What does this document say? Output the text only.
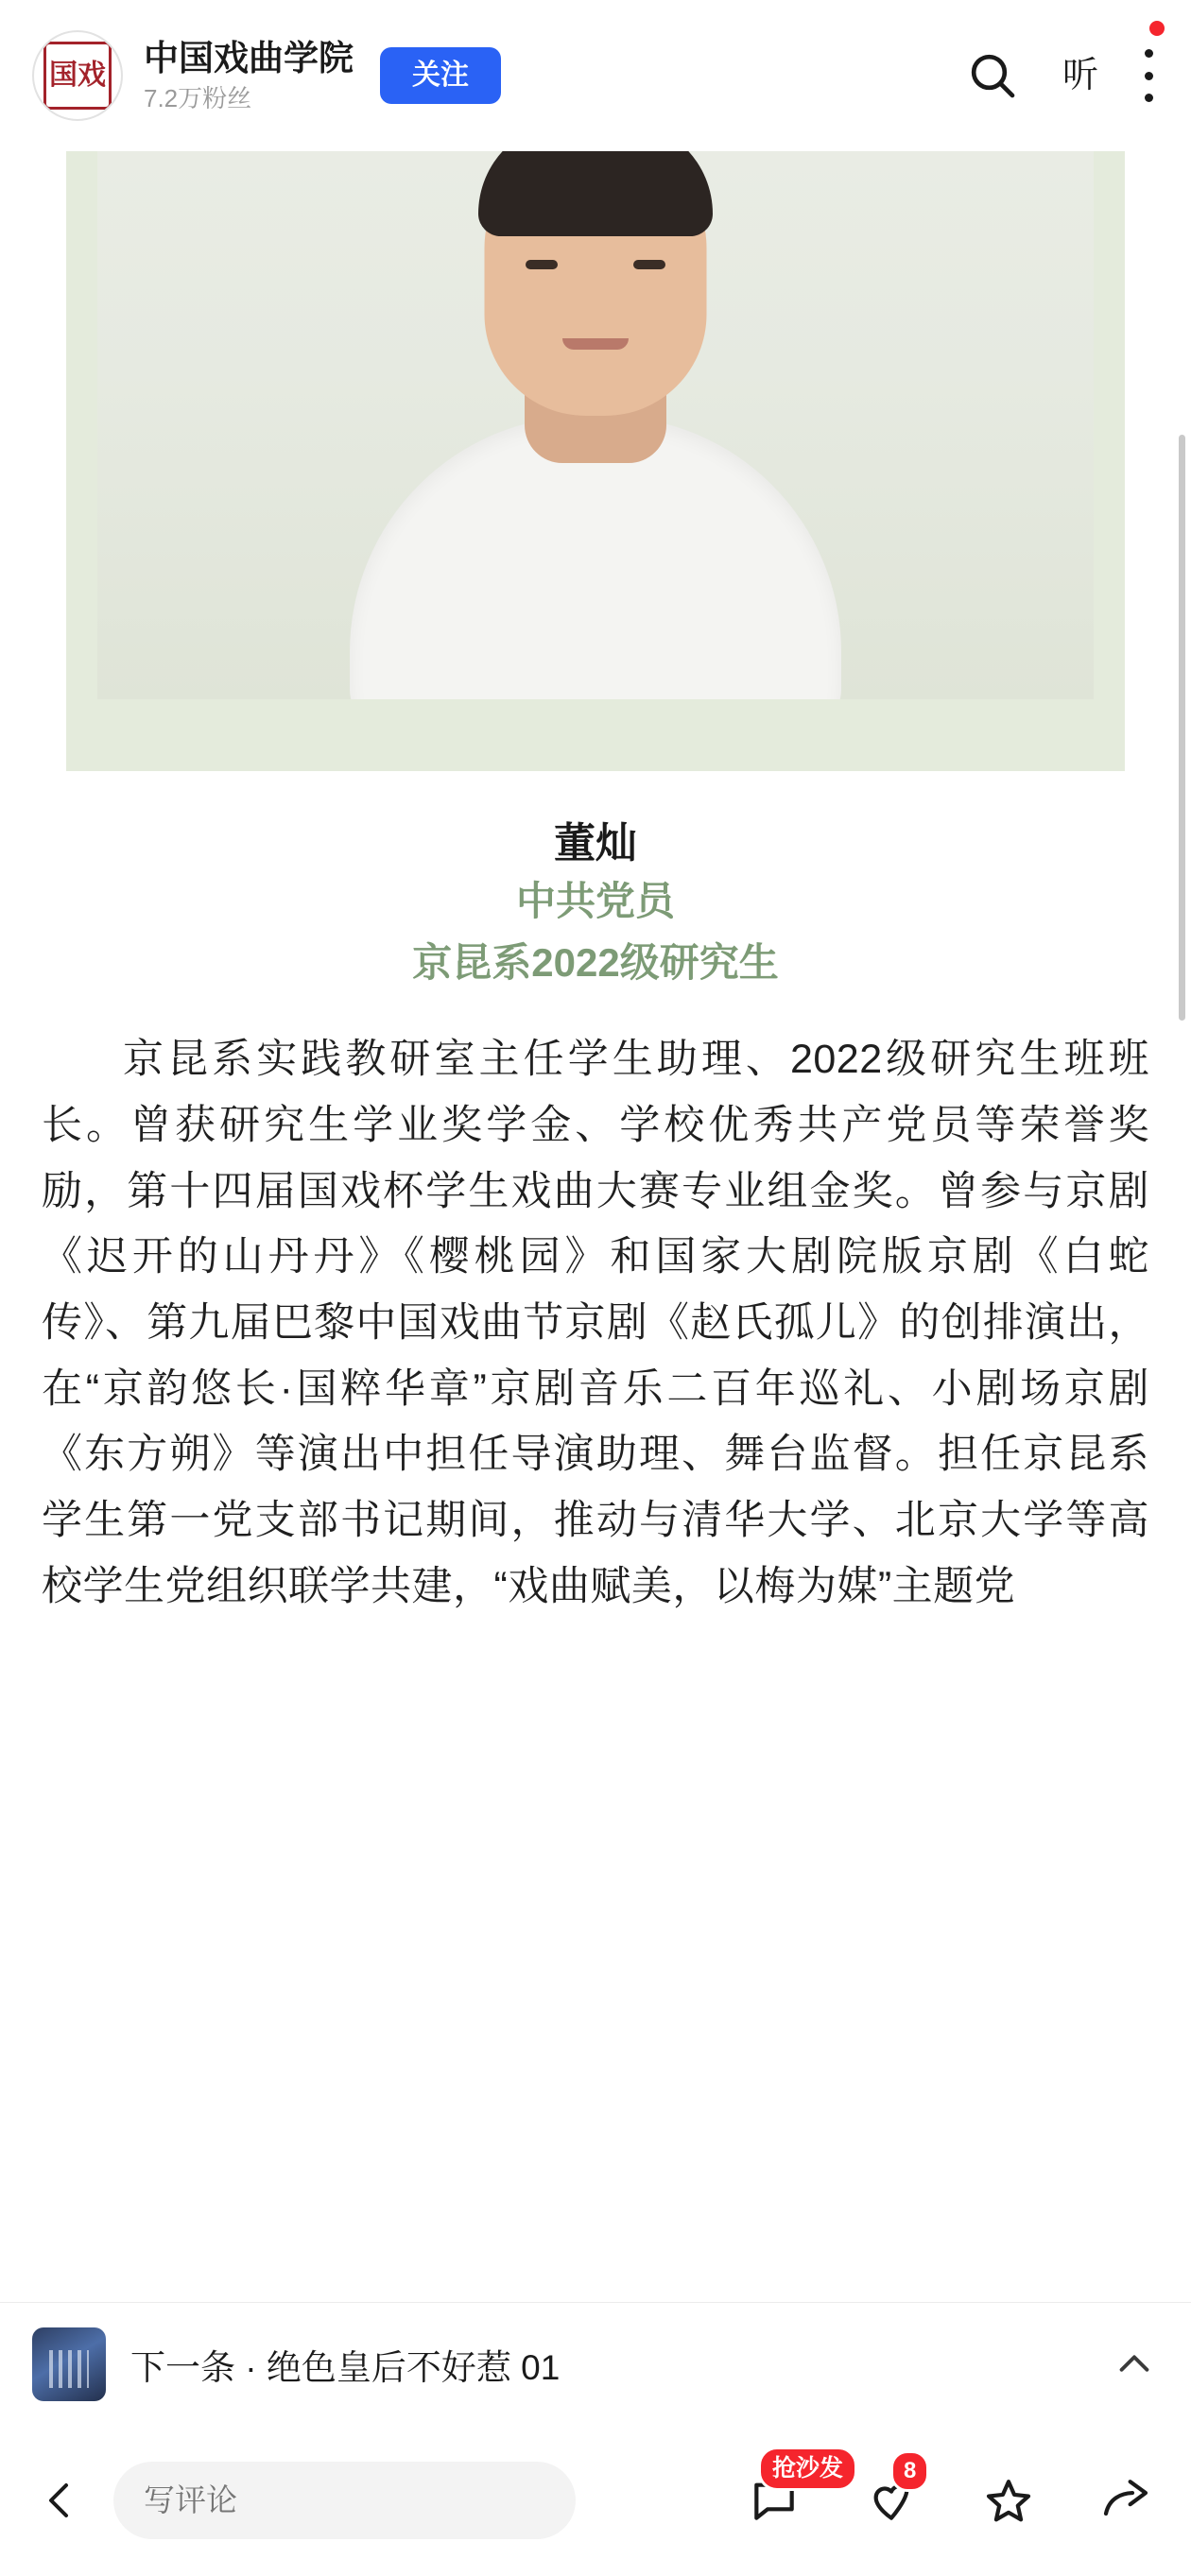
国戏 中国戏曲学院
7.2万粉丝
关注	听
董灿
中共党员
京昆系2022级研究生
京昆系实践教研室主任学生助理、2022级研究生班班长。曾获研究生学业奖学金、学校优秀共产党员等荣誉奖励，第十四届国戏杯学生戏曲大赛专业组金奖。曾参与京剧《迟开的山丹丹》《樱桃园》和国家大剧院版京剧《白蛇传》、第九届巴黎中国戏曲节京剧《赵氏孤儿》的创排演出，在“京韵悠长·国粹华章”京剧音乐二百年巡礼、小剧场京剧《东方朔》等演出中担任导演助理、舞台监督。担任京昆系学生第一党支部书记期间，推动与清华大学、北京大学等高校学生党组织联学共建，“戏曲赋美，以梅为媒”主题党
下一条 · 绝色皇后不好惹 01
写评论
抢沙发	8
